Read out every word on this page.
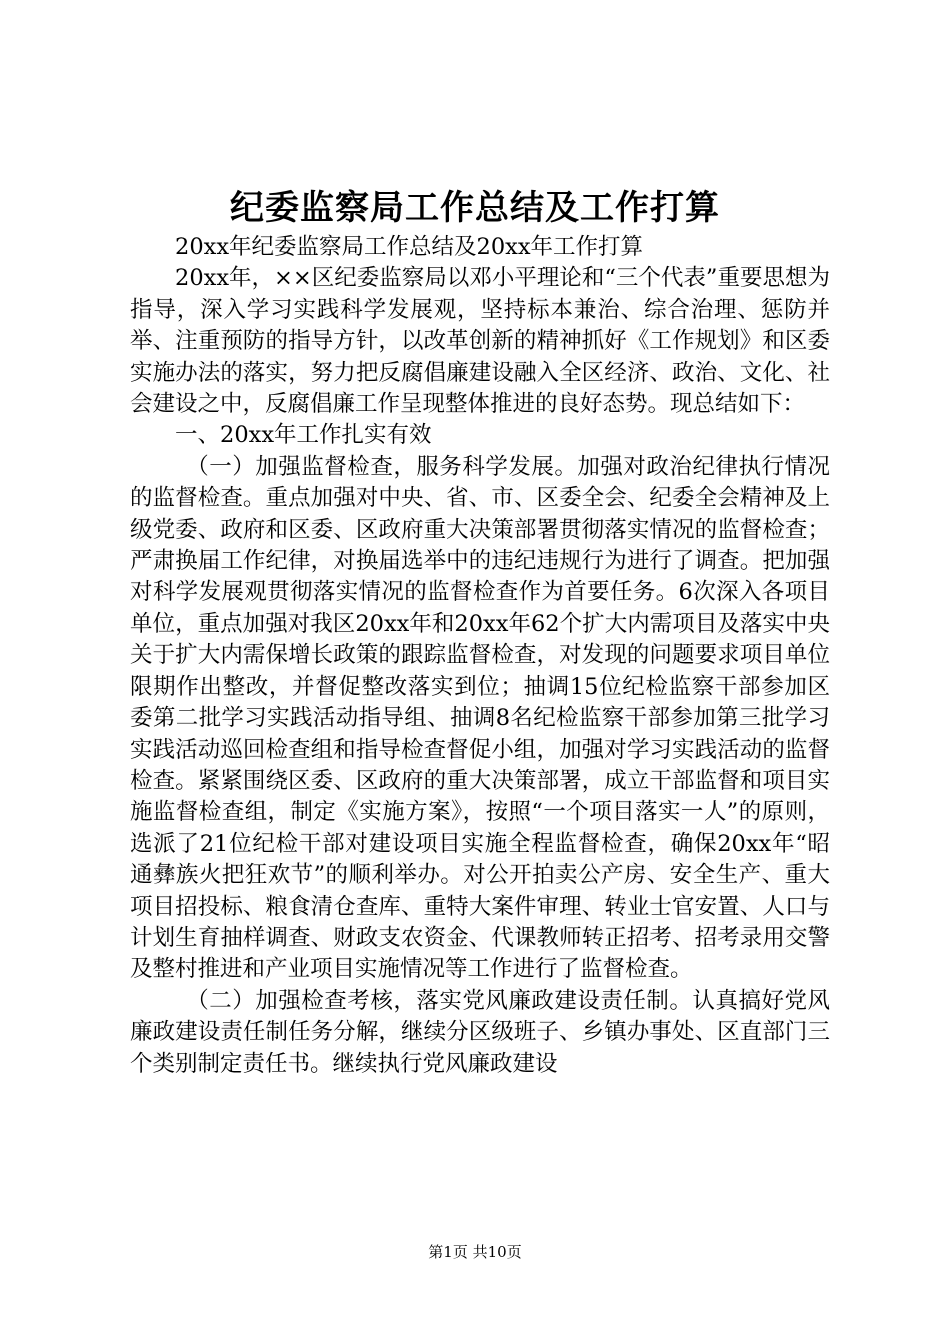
纪委监察局工作总结及工作打算

20xx年纪委监察局工作总结及20xx年工作打算

20xx年，××区纪委监察局以邓小平理论和“三个代表”重要思想为指导，深入学习实践科学发展观，坚持标本兼治、综合治理、惩防并举、注重预防的指导方针，以改革创新的精神抓好《工作规划》和区委实施办法的落实，努力把反腐倡廉建设融入全区经济、政治、文化、社会建设之中，反腐倡廉工作呈现整体推进的良好态势。现总结如下：

一、20xx年工作扎实有效

（一）加强监督检查，服务科学发展。加强对政治纪律执行情况的监督检查。重点加强对中央、省、市、区委全会、纪委全会精神及上级党委、政府和区委、区政府重大决策部署贯彻落实情况的监督检查；严肃换届工作纪律，对换届选举中的违纪违规行为进行了调查。把加强对科学发展观贯彻落实情况的监督检查作为首要任务。6次深入各项目单位，重点加强对我区20xx年和20xx年62个扩大内需项目及落实中央关于扩大内需保增长政策的跟踪监督检查，对发现的问题要求项目单位限期作出整改，并督促整改落实到位；抽调15位纪检监察干部参加区委第二批学习实践活动指导组、抽调8名纪检监察干部参加第三批学习实践活动巡回检查组和指导检查督促小组，加强对学习实践活动的监督检查。紧紧围绕区委、区政府的重大决策部署，成立干部监督和项目实施监督检查组，制定《实施方案》，按照“一个项目落实一人”的原则，选派了21位纪检干部对建设项目实施全程监督检查，确保20xx年“昭通彝族火把狂欢节”的顺利举办。对公开拍卖公产房、安全生产、重大项目招投标、粮食清仓查库、重特大案件审理、转业士官安置、人口与计划生育抽样调查、财政支农资金、代课教师转正招考、招考录用交警及整村推进和产业项目实施情况等工作进行了监督检查。

（二）加强检查考核，落实党风廉政建设责任制。认真搞好党风廉政建设责任制任务分解，继续分区级班子、乡镇办事处、区直部门三个类别制定责任书。继续执行党风廉政建设

第1页 共10页
